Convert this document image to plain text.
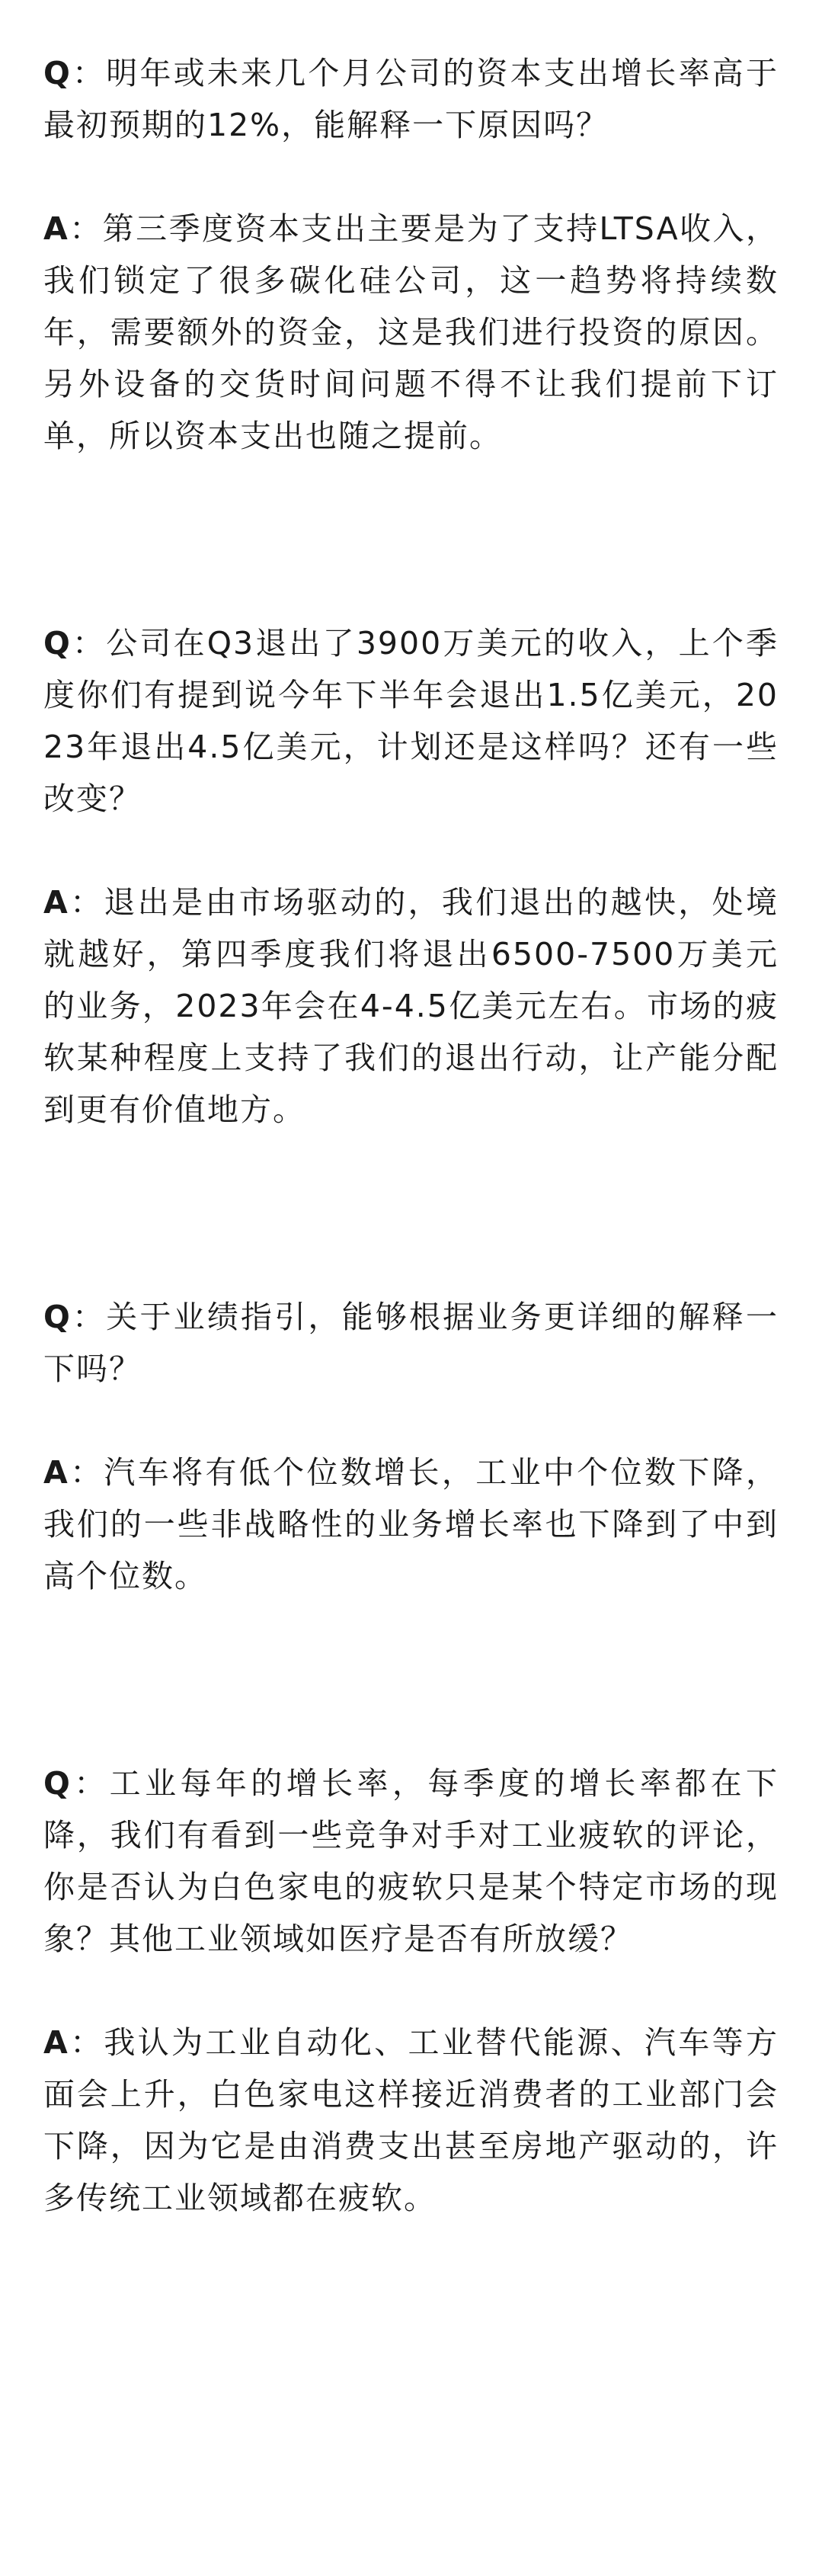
Q：明年或未来几个月公司的资本支出增长率高于最初预期的12%，能解释一下原因吗？

A：第三季度资本支出主要是为了支持LTSA收入，我们锁定了很多碳化硅公司，这一趋势将持续数年，需要额外的资金，这是我们进行投资的原因。另外设备的交货时间问题不得不让我们提前下订单，所以资本支出也随之提前。

Q：公司在Q3退出了3900万美元的收入，上个季度你们有提到说今年下半年会退出1.5亿美元，2023年退出4.5亿美元，计划还是这样吗？还有一些改变？

A：退出是由市场驱动的，我们退出的越快，处境就越好，第四季度我们将退出6500-7500万美元的业务，2023年会在4-4.5亿美元左右。市场的疲软某种程度上支持了我们的退出行动，让产能分配到更有价值地方。

Q：关于业绩指引，能够根据业务更详细的解释一下吗？

A：汽车将有低个位数增长，工业中个位数下降，我们的一些非战略性的业务增长率也下降到了中到高个位数。

Q：工业每年的增长率，每季度的增长率都在下降，我们有看到一些竞争对手对工业疲软的评论，你是否认为白色家电的疲软只是某个特定市场的现象？其他工业领域如医疗是否有所放缓？

A：我认为工业自动化、工业替代能源、汽车等方面会上升，白色家电这样接近消费者的工业部门会下降，因为它是由消费支出甚至房地产驱动的，许多传统工业领域都在疲软。
